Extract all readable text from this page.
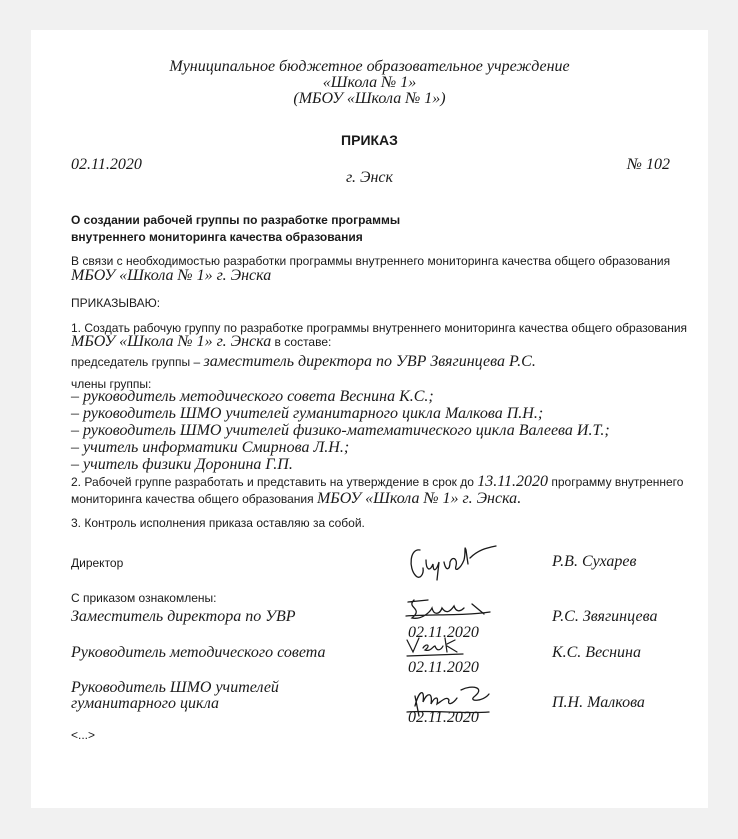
Муниципальное бюджетное образовательное учреждение
«Школа № 1»
(МБОУ «Школа № 1»)
ПРИКАЗ
02.11.2020
г. Энск
№ 102
О создании рабочей группы по разработке программы
внутреннего мониторинга качества образования
В связи с необходимостью разработки программы внутреннего мониторинга качества общего образования
МБОУ «Школа № 1» г. Энска
ПРИКАЗЫВАЮ:
1. Создать рабочую группу по разработке программы внутреннего мониторинга качества общего образования
МБОУ «Школа № 1» г. Энска в составе:
председатель группы – заместитель директора по УВР Звягинцева Р.С.
члены группы:
– руководитель методического совета Веснина К.С.;
– руководитель ШМО учителей гуманитарного цикла Малкова П.Н.;
– руководитель ШМО учителей физико-математического цикла Валеева И.Т.;
– учитель информатики Смирнова Л.Н.;
– учитель физики Доронина Г.П.
2. Рабочей группе разработать и представить на утверждение в срок до 13.11.2020 программу внутреннего
мониторинга качества общего образования МБОУ «Школа № 1» г. Энска.
3. Контроль исполнения приказа оставляю за собой.
Директор	Р.В. Сухарев
С приказом ознакомлены:
Заместитель директора по УВР
02.11.2020
Р.С. Звягинцева
Руководитель методического совета
02.11.2020
К.С. Веснина
Руководитель ШМО учителей
гуманитарного цикла
02.11.2020
П.Н. Малкова
<...>
